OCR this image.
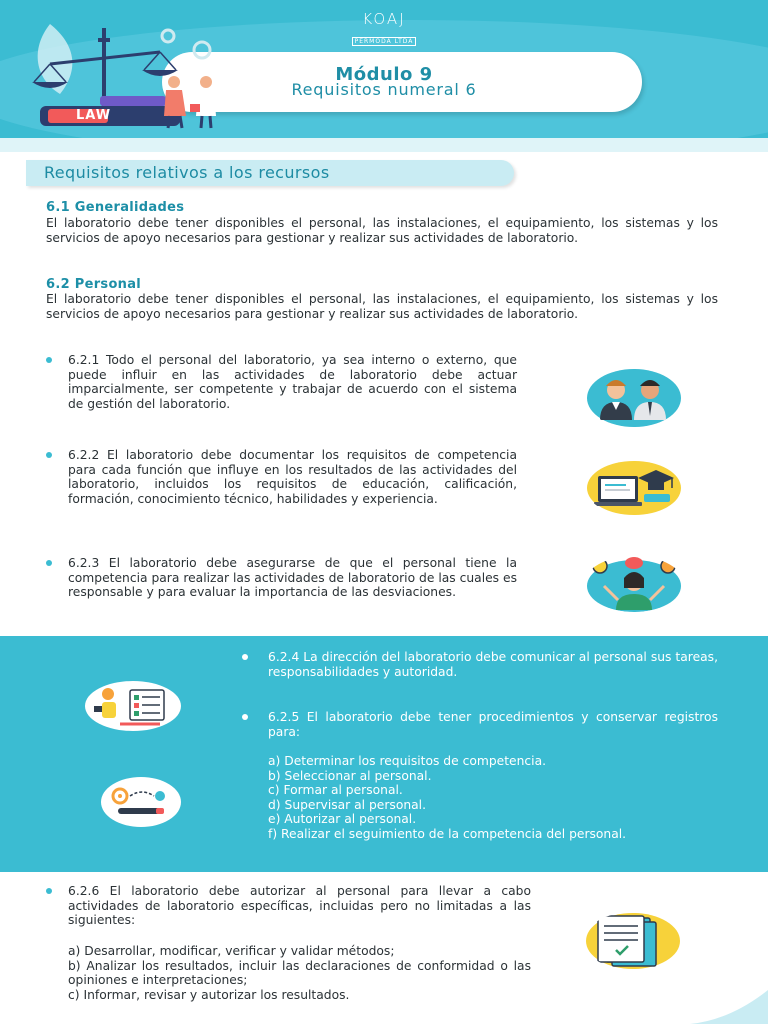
KOAJ
PERMODA LTDA
Módulo 9
Requisitos numeral 6
LAW
Requisitos relativos a los recursos
6.1 Generalidades
El laboratorio debe tener disponibles el personal, las instalaciones, el equipamiento, los sistemas y los servicios de apoyo necesarios para gestionar y realizar sus actividades de laboratorio.
6.2 Personal
El laboratorio debe tener disponibles el personal, las instalaciones, el equipamiento, los sistemas y los servicios de apoyo necesarios para gestionar y realizar sus actividades de laboratorio.
6.2.1 Todo el personal del laboratorio, ya sea interno o externo, que puede influir en las actividades de laboratorio debe actuar imparcialmente, ser competente y trabajar de acuerdo con el sistema de gestión del laboratorio.
6.2.2 El laboratorio debe documentar los requisitos de competencia para cada función que influye en los resultados de las actividades del laboratorio, incluidos los requisitos de educación, calificación, formación, conocimiento técnico, habilidades y experiencia.
6.2.3 El laboratorio debe asegurarse de que el personal tiene la competencia para realizar las actividades de laboratorio de las cuales es responsable y para evaluar la importancia de las desviaciones.
6.2.4 La dirección del laboratorio debe comunicar al personal sus tareas, responsabilidades y autoridad.
6.2.5 El laboratorio debe tener procedimientos y conservar registros para:
a) Determinar los requisitos de competencia.
b) Seleccionar al personal.
c) Formar al personal.
d) Supervisar al personal.
e) Autorizar al personal.
f) Realizar el seguimiento de la competencia del personal.
6.2.6 El laboratorio debe autorizar al personal para llevar a cabo actividades de laboratorio específicas, incluidas pero no limitadas a las siguientes:
a) Desarrollar, modificar, verificar y validar métodos;
b) Analizar los resultados, incluir las declaraciones de conformidad o las opiniones e interpretaciones;
c) Informar, revisar y autorizar los resultados.
